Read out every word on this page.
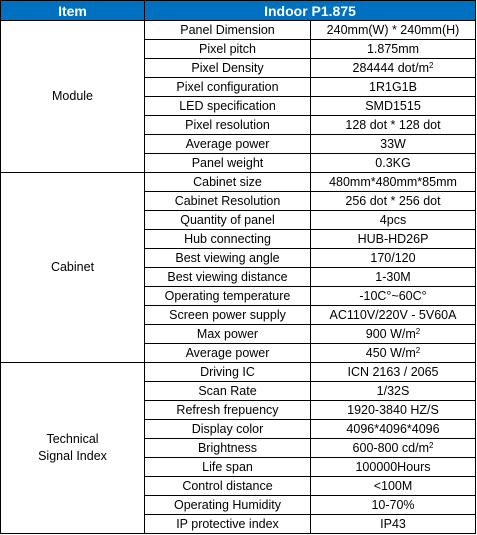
Item	Indoor P1.875	
Module	Panel Dimension	240mm(W) * 240mm(H)
	Pixel pitch	1.875mm
	Pixel Density	284444 dot/$m^2$
	Pixel configuration	1R1G1B
	LED specification	SMD1515
	Pixel resolution	128 dot * 128 dot
	Average power	33W
	Panel weight	0.3KG
Cabinet	Cabinet size	480mm*480mm*85mm
	Cabinet Resolution	256 dot * 256 dot
	Quantity of panel	4pcs
	Hub connecting	HUB-HD26P
	Best viewing angle	170/120
	Best viewing distance	1-30M
	Operating temperature	-10C°~60C°
	Screen power supply	AC110V/220V - 5V60A
	Max power	900 $W/m^2$
	Average power	450 $W/m^2$
Technical
Signal Index	Driving IC	ICN 2163 / 2065
	Scan Rate	1/32S
	Refresh frepuency	1920-3840 HZ/S
	Display color	4096*4096*4096
	Brightness	600-800 $cd/m^2$
	Life span	100000Hours
	Control distance	<100M
	Operating Humidity	10-70%
	IP protective index	IP43
